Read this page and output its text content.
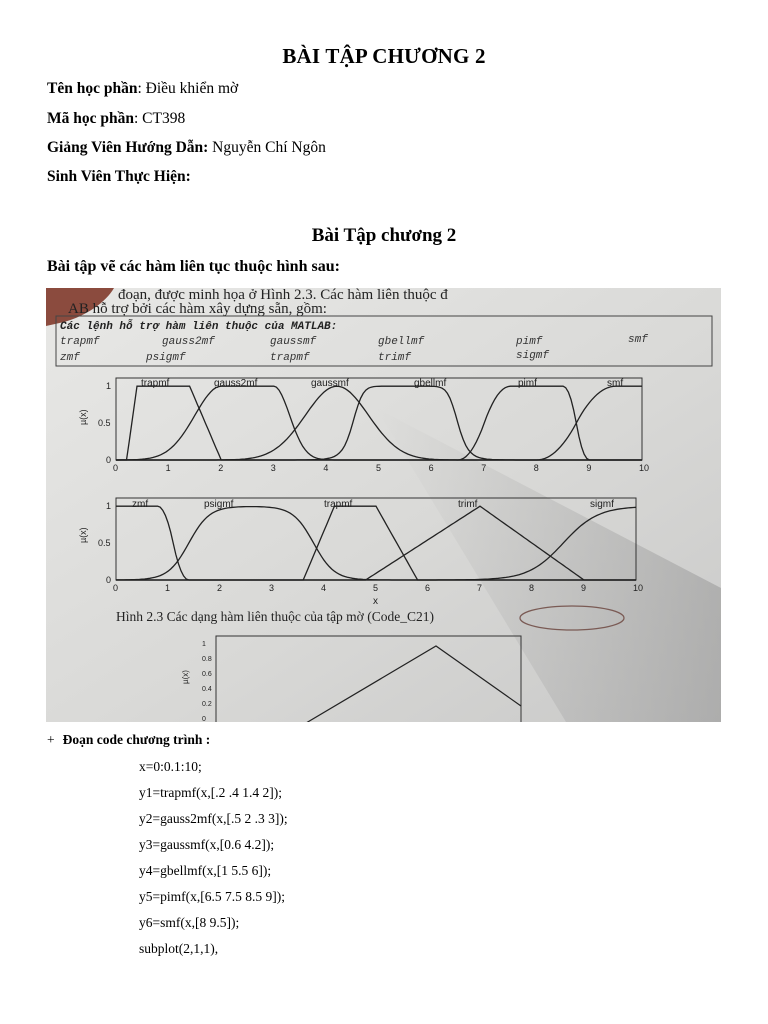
BÀI TẬP CHƯƠNG 2
Tên học phần: Điều khiển mờ
Mã học phần: CT398
Giảng Viên Hướng Dẫn: Nguyễn Chí Ngôn
Sinh Viên Thực Hiện:
Bài Tập chương 2
Bài tập vẽ các hàm liên tục thuộc hình sau:
đoạn, được minh họa ở Hình 2.3. Các hàm liên thuộc đ
AB hỗ trợ bởi các hàm xây dựng sẵn, gồm:
Các lệnh hỗ trợ hàm liên thuộc của MATLAB:
trapmf	gauss2mf	gaussmf	gbellmf	pimf	smf
zmf	psigmf	trapmf	trimf	sigmf
0	1	2	3	4	5	6	7	8	9	10
0
0.5
1	trapmf	gauss2mf	gaussmf	gbellmf	pimf	smf
µ(x)
0	1	2	3	4	5	6	7	8	9	10
0
0.5
1 zmf	psigmf	trapmf	trimf	sigmf
µ(x)
x
Hình 2.3 Các dạng hàm liên thuộc của tập mờ (Code_C21)
1
0.8
0.6
0.4
0.2
0
µ(x)
+ Đoạn code chương trình :
x=0:0.1:10;
y1=trapmf(x,[.2 .4 1.4 2]);
y2=gauss2mf(x,[.5 2 .3 3]);
y3=gaussmf(x,[0.6 4.2]);
y4=gbellmf(x,[1 5.5 6]);
y5=pimf(x,[6.5 7.5 8.5 9]);
y6=smf(x,[8 9.5]);
subplot(2,1,1),
